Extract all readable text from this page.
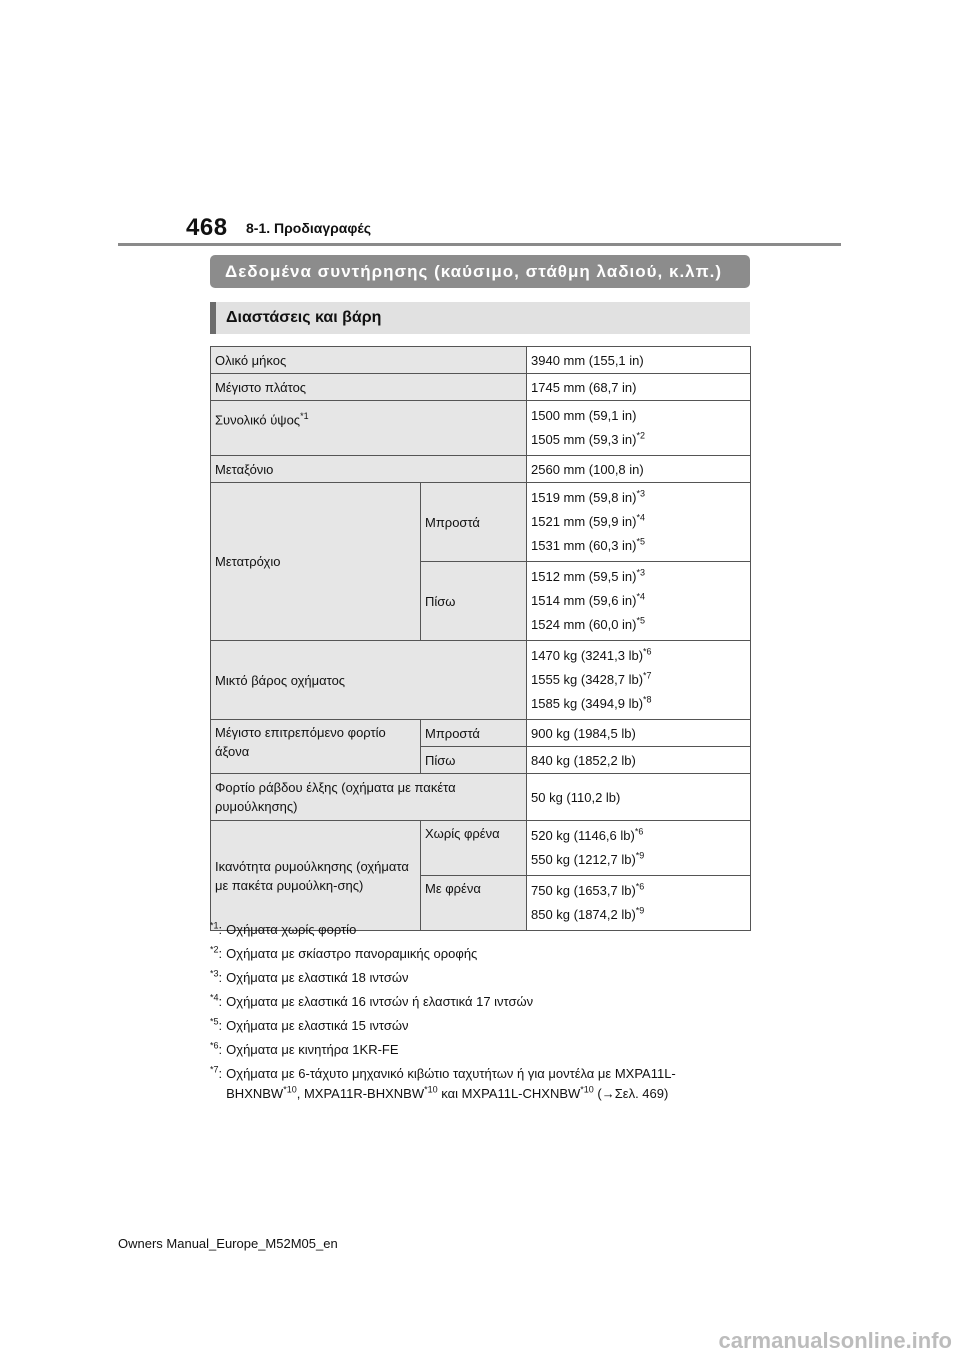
468 8-1. Προδιαγραφές
Δεδομένα συντήρησης (καύσιμο, στάθμη λαδιού, κ.λπ.)
Διαστάσεις και βάρη
Ολικό μήκος		3940 mm (155,1 in)
Μέγιστο πλάτος		1745 mm (68,7 in)
Συνολικό ύψος$^{*1}$		1500 mm (59,1 in)
1505 mm (59,3 in)$^{*2}$

Μεταξόνιο		2560 mm (100,8 in)
Μετατρόχιο	Μπροστά	1519 mm (59,8 in)$^{*3}$
1521 mm (59,9 in)$^{*4}$
1531 mm (60,3 in)$^{*5}$

	Πίσω	1512 mm (59,5 in)$^{*3}$
1514 mm (59,6 in)$^{*4}$
1524 mm (60,0 in)$^{*5}$

Μικτό βάρος οχήματος		1470 kg (3241,3 lb)$^{*6}$
1555 kg (3428,7 lb)$^{*7}$
1585 kg (3494,9 lb)$^{*8}$

Μέγιστο επιτρεπόμενο φορτίο άξονα	Μπροστά	900 kg (1984,5 lb)
	Πίσω	840 kg (1852,2 lb)
Φορτίο ράβδου έλξης (οχήματα με πακέτα ρυμούλκησης)		50 kg (110,2 lb)
Ικανότητα ρυμούλκησης (οχήματα με πακέτα ρυμούλκη-σης)	Χωρίς φρένα	520 kg (1146,6 lb)$^{*6}$
550 kg (1212,7 lb)$^{*9}$

	Με φρένα	750 kg (1653,7 lb)$^{*6}$
850 kg (1874,2 lb)$^{*9}$
$^{*1}$: Οχήματα χωρίς φορτίο
$^{*2}$: Οχήματα με σκίαστρο πανοραμικής οροφής
$^{*3}$: Οχήματα με ελαστικά 18 ιντσών
$^{*4}$: Οχήματα με ελαστικά 16 ιντσών ή ελαστικά 17 ιντσών
$^{*5}$: Οχήματα με ελαστικά 15 ιντσών
$^{*6}$: Οχήματα με κινητήρα 1KR-FE
$^{*7}$: Οχήματα με 6-τάχυτο μηχανικό κιβώτιο ταχυτήτων ή για μοντέλα με MXPA11L-
BHXNBW$^{*10}$, MXPA11R-BHXNBW$^{*10}$ και MXPA11L-CHXNBW$^{*10}$ (→Σελ. 469)
Owners Manual_Europe_M52M05_en
carmanualsonline.info
